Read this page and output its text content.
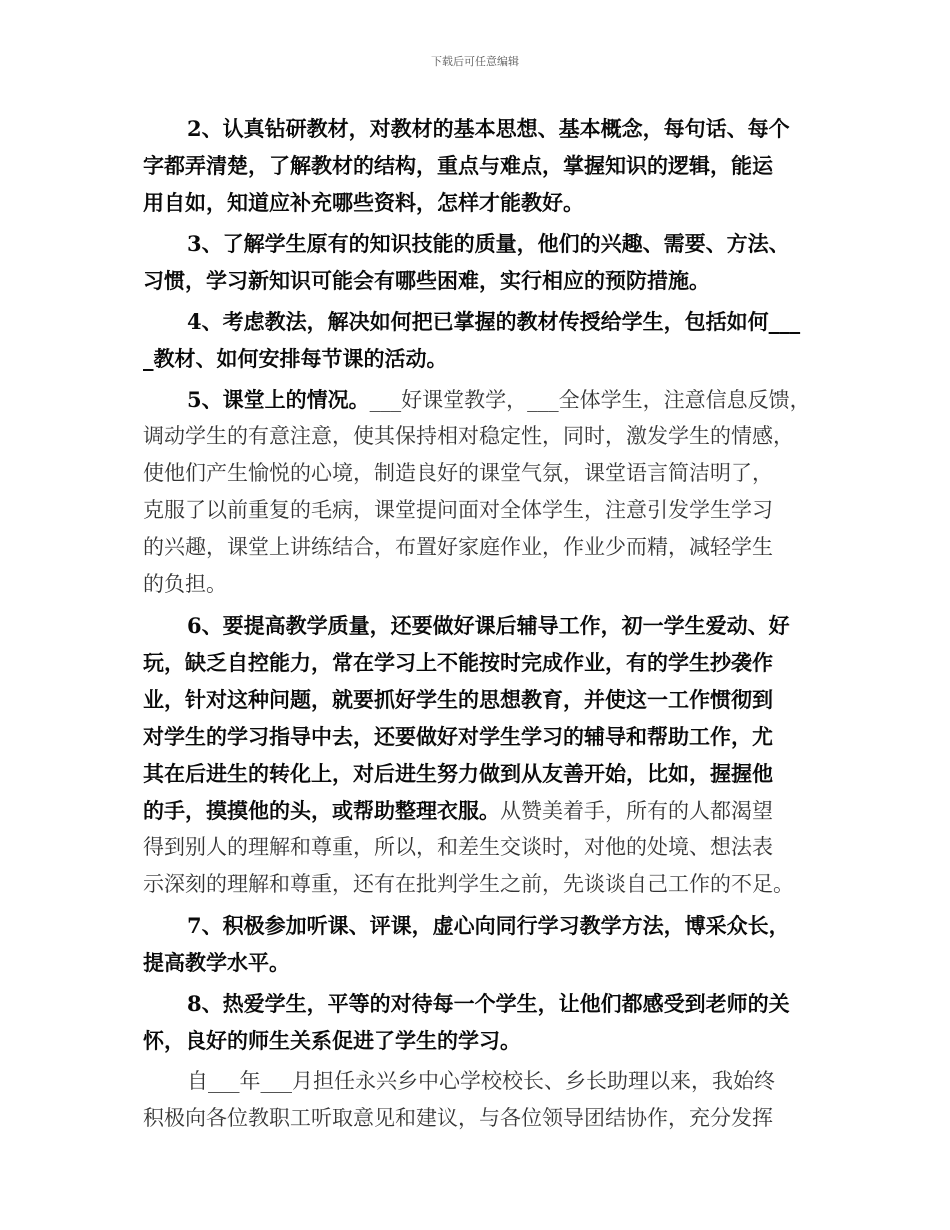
下载后可任意编辑
2、认真钻研教材，对教材的基本思想、基本概念，每句话、每个
字都弄清楚，了解教材的结构，重点与难点，掌握知识的逻辑，能运
用自如，知道应补充哪些资料，怎样才能教好。
3、了解学生原有的知识技能的质量，他们的兴趣、需要、方法、
习惯，学习新知识可能会有哪些困难，实行相应的预防措施。
4、考虑教法，解决如何把已掌握的教材传授给学生，包括如何___
_教材、如何安排每节课的活动。
5、课堂上的情况。___好课堂教学，___全体学生，注意信息反馈，
调动学生的有意注意，使其保持相对稳定性，同时，激发学生的情感，
使他们产生愉悦的心境，制造良好的课堂气氛，课堂语言简洁明了，
克服了以前重复的毛病，课堂提问面对全体学生，注意引发学生学习
的兴趣，课堂上讲练结合，布置好家庭作业，作业少而精，减轻学生
的负担。
6、要提高教学质量，还要做好课后辅导工作，初一学生爱动、好
玩，缺乏自控能力，常在学习上不能按时完成作业，有的学生抄袭作
业，针对这种问题，就要抓好学生的思想教育，并使这一工作惯彻到
对学生的学习指导中去，还要做好对学生学习的辅导和帮助工作，尤
其在后进生的转化上，对后进生努力做到从友善开始，比如，握握他
的手，摸摸他的头，或帮助整理衣服。从赞美着手，所有的人都渴望
得到别人的理解和尊重，所以，和差生交谈时，对他的处境、想法表
示深刻的理解和尊重，还有在批判学生之前，先谈谈自己工作的不足。
7、积极参加听课、评课，虚心向同行学习教学方法，博采众长，
提高教学水平。
8、热爱学生，平等的对待每一个学生，让他们都感受到老师的关
怀，良好的师生关系促进了学生的学习。
自___年___月担任永兴乡中心学校校长、乡长助理以来，我始终
积极向各位教职工听取意见和建议，与各位领导团结协作，充分发挥
